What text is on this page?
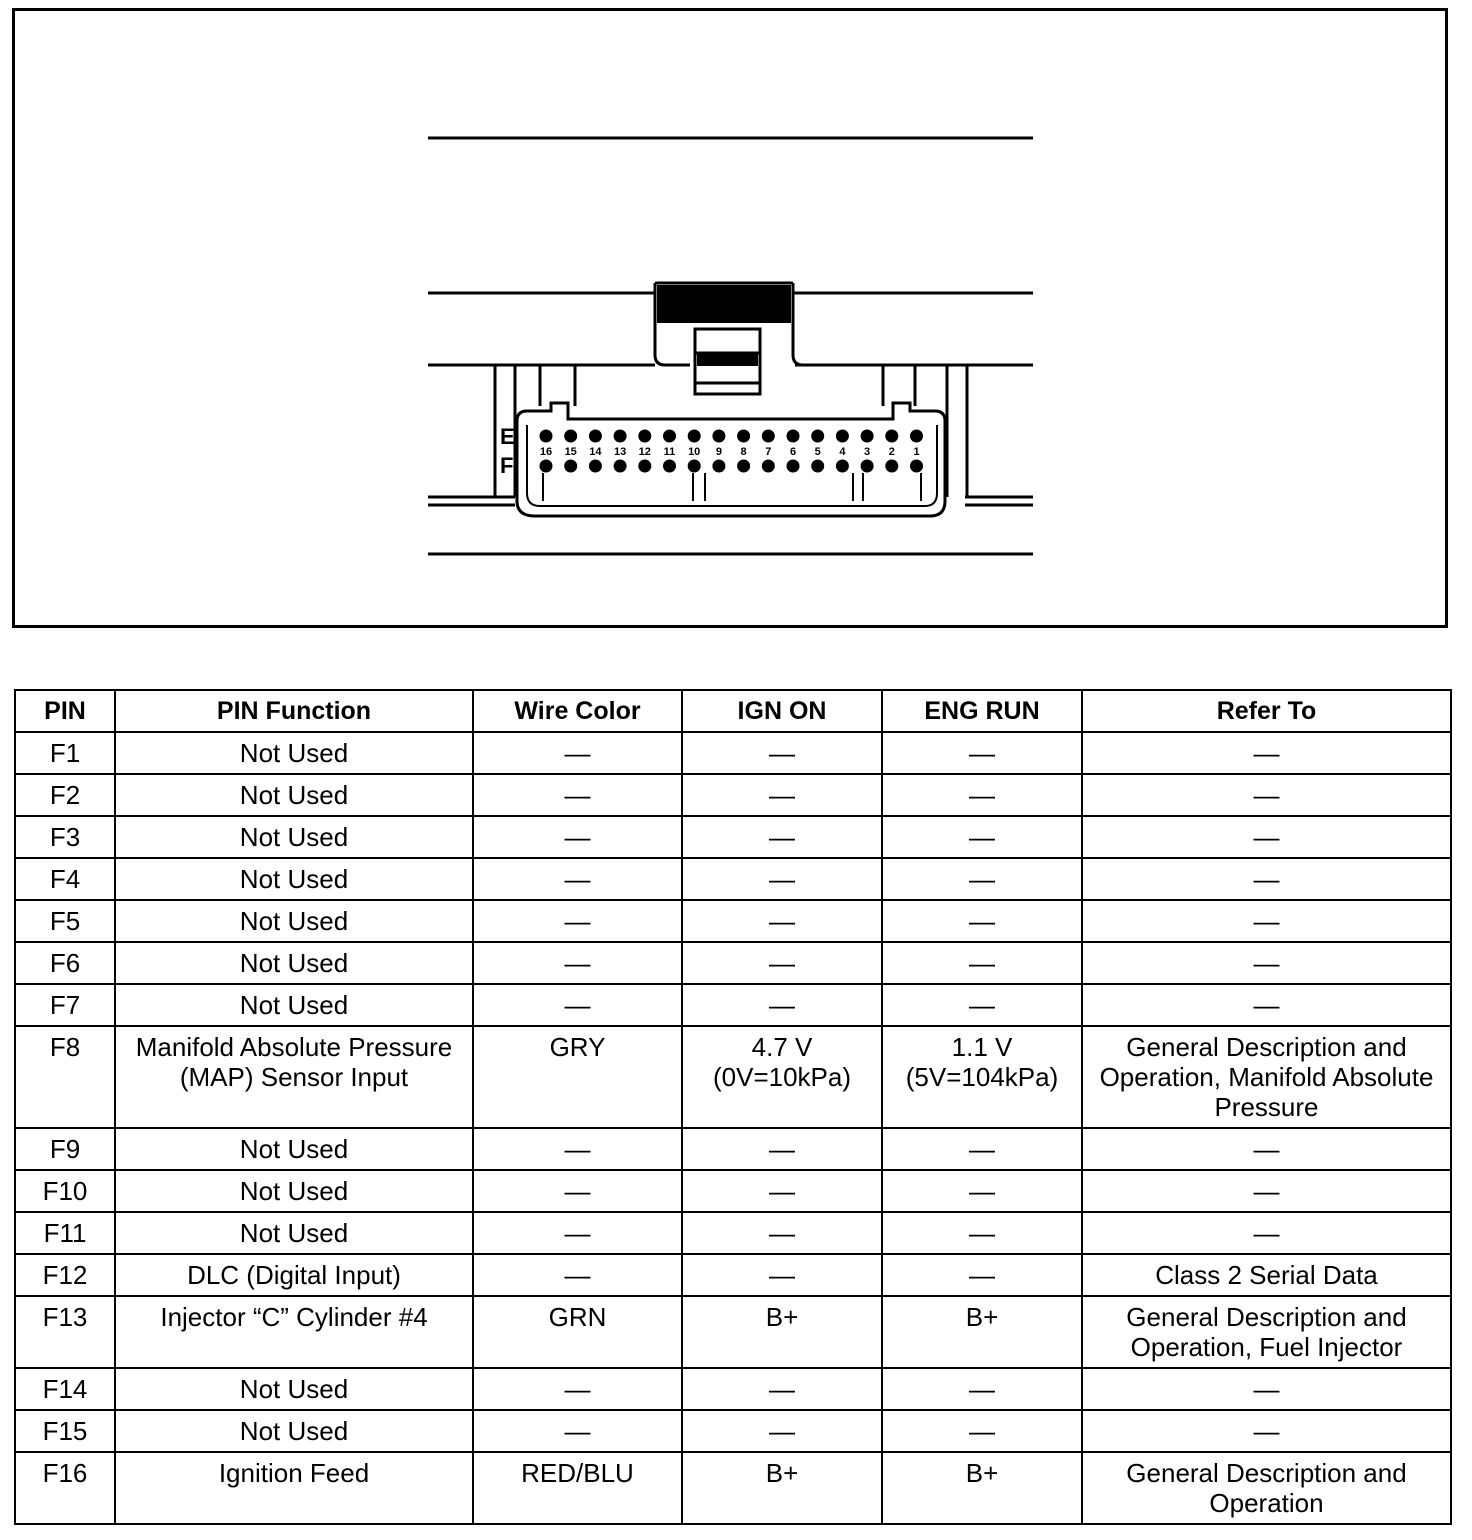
E
F
16 15 14 13 12 11 10 9 8 7 6 5 4 3 2 1
PIN	PIN Function	Wire Color	IGN ON	ENG RUN	Refer To
F1	Not Used	—	—	—	—
F2	Not Used	—	—	—	—
F3	Not Used	—	—	—	—
F4	Not Used	—	—	—	—
F5	Not Used	—	—	—	—
F6	Not Used	—	—	—	—
F7	Not Used	—	—	—	—
F8	Manifold Absolute Pressure (MAP) Sensor Input	GRY	4.7 V (0V=10kPa)	1.1 V (5V=104kPa)	General Description and Operation, Manifold Absolute Pressure
F9	Not Used	—	—	—	—
F10	Not Used	—	—	—	—
F11	Not Used	—	—	—	—
F12	DLC (Digital Input)	—	—	—	Class 2 Serial Data
F13	Injector “C” Cylinder #4	GRN	B+	B+	General Description and Operation, Fuel Injector
F14	Not Used	—	—	—	—
F15	Not Used	—	—	—	—
F16	Ignition Feed	RED/BLU	B+	B+	General Description and Operation
